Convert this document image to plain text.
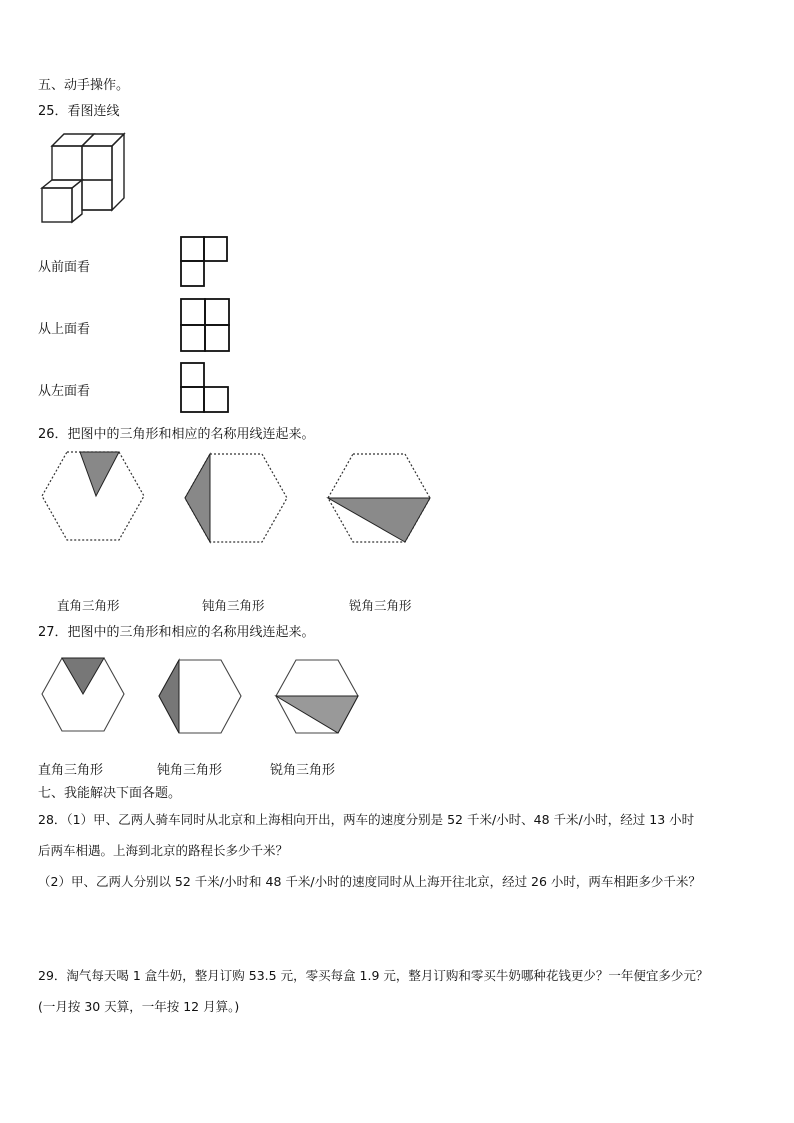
五、动手操作。
25．看图连线
从前面看
从上面看
从左面看
26．把图中的三角形和相应的名称用线连起来。
直角三角形	钝角三角形	锐角三角形
27．把图中的三角形和相应的名称用线连起来。
直角三角形	钝角三角形	锐角三角形
七、我能解决下面各题。
28．（1）甲、乙两人骑车同时从北京和上海相向开出，两车的速度分别是 52 千米/小时、48 千米/小时，经过 13 小时
后两车相遇。上海到北京的路程长多少千米？
（2）甲、乙两人分别以 52 千米/小时和 48 千米/小时的速度同时从上海开往北京，经过 26 小时，两车相距多少千米？
29．淘气每天喝 1 盒牛奶，整月订购 53.5 元，零买每盒 1.9 元，整月订购和零买牛奶哪种花钱更少？一年便宜多少元？
(一月按 30 天算，一年按 12 月算。)
